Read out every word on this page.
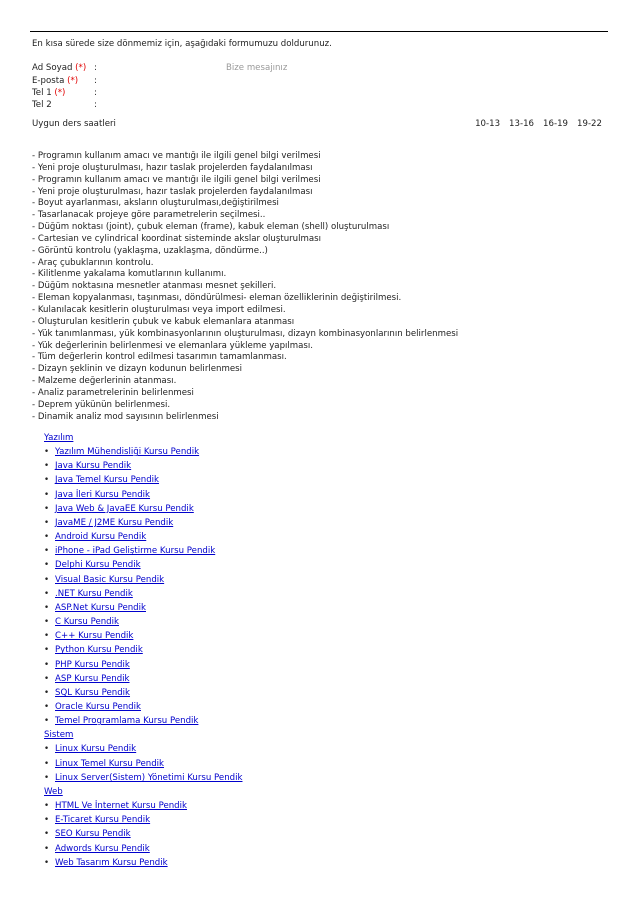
En kısa sürede size dönmemiz için, aşağıdaki formumuzu doldurunuz.
Ad Soyad (*) :
E-posta (*) :
Tel 1 (*)	:
Tel 2	:
Bize mesajınız
Uygun ders saatleri	10-13 13-16 16-19 19-22
- Programın kullanım amacı ve mantığı ile ilgili genel bilgi verilmesi
- Yeni proje oluşturulması, hazır taslak projelerden faydalanılması
- Programın kullanım amacı ve mantığı ile ilgili genel bilgi verilmesi
- Yeni proje oluşturulması, hazır taslak projelerden faydalanılması
- Boyut ayarlanması, aksların oluşturulması,değiştirilmesi
- Tasarlanacak projeye göre parametrelerin seçilmesi..
- Düğüm noktası (joint), çubuk eleman (frame), kabuk eleman (shell) oluşturulması
- Cartesian ve cylindrical koordinat sisteminde akslar oluşturulması
- Görüntü kontrolu (yaklaşma, uzaklaşma, döndürme..)
- Araç çubuklarının kontrolu.
- Kilitlenme yakalama komutlarının kullanımı.
- Düğüm noktasına mesnetler atanması mesnet şekilleri.
- Eleman kopyalanması, taşınması, döndürülmesi- eleman özelliklerinin değiştirilmesi.
- Kulanılacak kesitlerin oluşturulması veya import edilmesi.
- Oluşturulan kesitlerin çubuk ve kabuk elemanlara atanması
- Yük tanımlanması, yük kombinasyonlarının oluşturulması, dizayn kombinasyonlarının belirlenmesi
- Yük değerlerinin belirlenmesi ve elemanlara yükleme yapılması.
- Tüm değerlerin kontrol edilmesi tasarımın tamamlanması.
- Dizayn şeklinin ve dizayn kodunun belirlenmesi
- Malzeme değerlerinin atanması.
- Analiz parametrelerinin belirlenmesi
- Deprem yükünün belirlenmesi.
- Dinamik analiz mod sayısının belirlenmesi
Yazılım
• Yazılım Mühendisliği Kursu Pendik
• Java Kursu Pendik
• Java Temel Kursu Pendik
• Java İleri Kursu Pendik
• Java Web & JavaEE Kursu Pendik
• JavaME / J2ME Kursu Pendik
• Android Kursu Pendik
• iPhone - iPad Geliştirme Kursu Pendik
• Delphi Kursu Pendik
• Visual Basic Kursu Pendik
• .NET Kursu Pendik
• ASP.Net Kursu Pendik
• C Kursu Pendik
• C++ Kursu Pendik
• Python Kursu Pendik
• PHP Kursu Pendik
• ASP Kursu Pendik
• SQL Kursu Pendik
• Oracle Kursu Pendik
• Temel Programlama Kursu Pendik
Sistem
• Linux Kursu Pendik
• Linux Temel Kursu Pendik
• Linux Server(Sistem) Yönetimi Kursu Pendik
Web
• HTML Ve İnternet Kursu Pendik
• E-Ticaret Kursu Pendik
• SEO Kursu Pendik
• Adwords Kursu Pendik
• Web Tasarım Kursu Pendik
